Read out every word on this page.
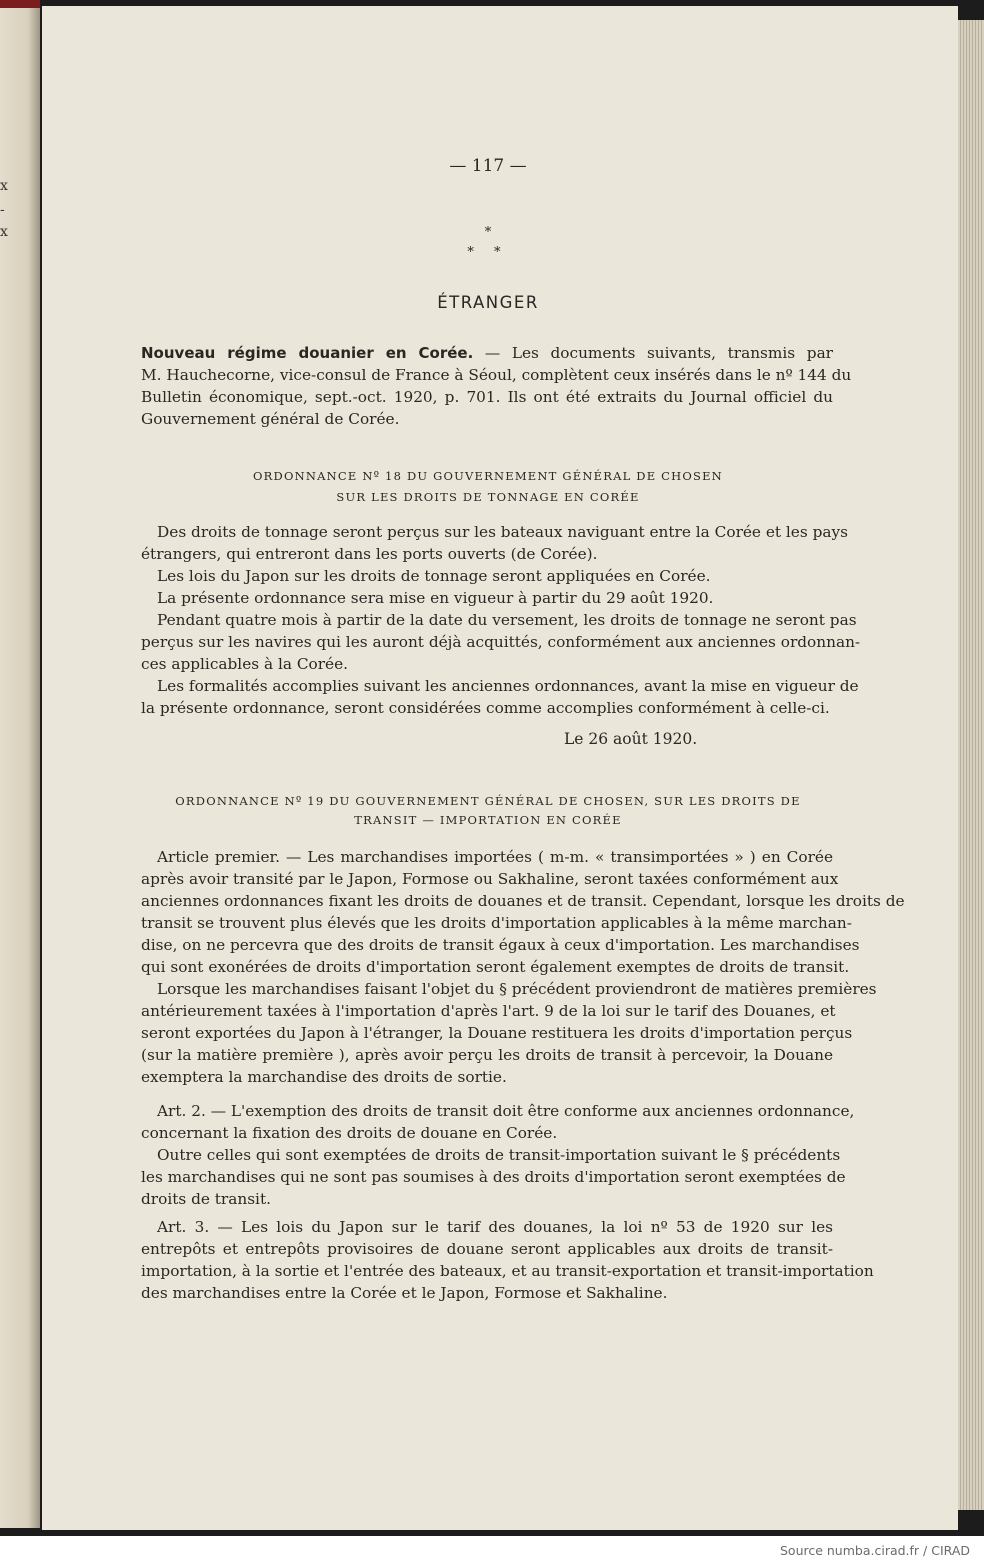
x
-
x
— 117 —
*
* *
ÉTRANGER
Nouveau régime douanier en Corée. — Les documents suivants, transmis par
M. Hauchecorne, vice-consul de France à Séoul, complètent ceux insérés dans le nº 144 du
Bulletin économique, sept.-oct. 1920, p. 701. Ils ont été extraits du Journal officiel du
Gouvernement général de Corée.
ORDONNANCE Nº 18 DU GOUVERNEMENT GÉNÉRAL DE CHOSEN
SUR LES DROITS DE TONNAGE EN CORÉE
Des droits de tonnage seront perçus sur les bateaux naviguant entre la Corée et les pays
étrangers, qui entreront dans les ports ouverts (de Corée).
Les lois du Japon sur les droits de tonnage seront appliquées en Corée.
La présente ordonnance sera mise en vigueur à partir du 29 août 1920.
Pendant quatre mois à partir de la date du versement, les droits de tonnage ne seront pas
perçus sur les navires qui les auront déjà acquittés, conformément aux anciennes ordonnan-
ces applicables à la Corée.
Les formalités accomplies suivant les anciennes ordonnances, avant la mise en vigueur de
la présente ordonnance, seront considérées comme accomplies conformément à celle-ci.
Le 26 août 1920.
ORDONNANCE Nº 19 DU GOUVERNEMENT GÉNÉRAL DE CHOSEN, SUR LES DROITS DE
TRANSIT — IMPORTATION EN CORÉE
Article premier. — Les marchandises importées ( m-m. « transimportées » ) en Corée
après avoir transité par le Japon, Formose ou Sakhaline, seront taxées conformément aux
anciennes ordonnances fixant les droits de douanes et de transit. Cependant, lorsque les droits de
transit se trouvent plus élevés que les droits d'importation applicables à la même marchan-
dise, on ne percevra que des droits de transit égaux à ceux d'importation. Les marchandises
qui sont exonérées de droits d'importation seront également exemptes de droits de transit.
Lorsque les marchandises faisant l'objet du § précédent proviendront de matières premières
antérieurement taxées à l'importation d'après l'art. 9 de la loi sur le tarif des Douanes, et
seront exportées du Japon à l'étranger, la Douane restituera les droits d'importation perçus
(sur la matière première ), après avoir perçu les droits de transit à percevoir, la Douane
exemptera la marchandise des droits de sortie.
Art. 2. — L'exemption des droits de transit doit être conforme aux anciennes ordonnance,
concernant la fixation des droits de douane en Corée.
Outre celles qui sont exemptées de droits de transit-importation suivant le § précédents
les marchandises qui ne sont pas soumises à des droits d'importation seront exemptées de
droits de transit.
Art. 3. — Les lois du Japon sur le tarif des douanes, la loi nº 53 de 1920 sur les
entrepôts et entrepôts provisoires de douane seront applicables aux droits de transit-
importation, à la sortie et l'entrée des bateaux, et au transit-exportation et transit-importation
des marchandises entre la Corée et le Japon, Formose et Sakhaline.
Source numba.cirad.fr / CIRAD
